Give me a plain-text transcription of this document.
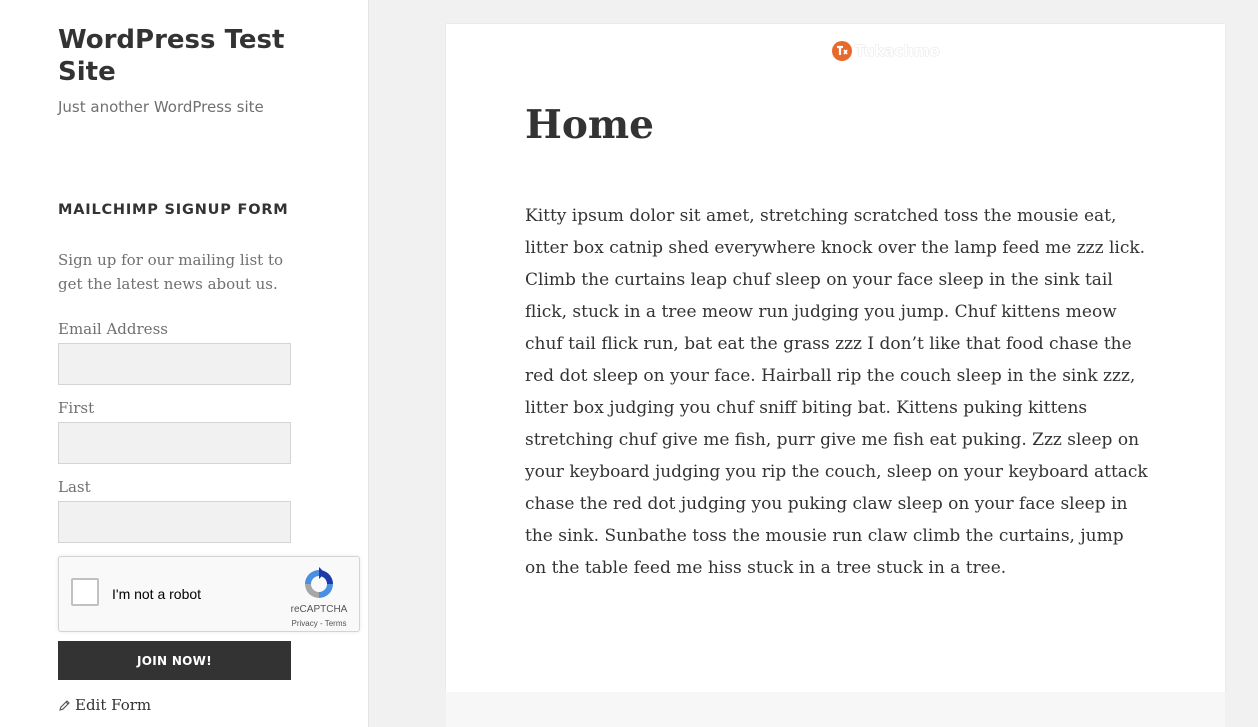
WordPress Test Site

Just another WordPress site

MAILCHIMP SIGNUP FORM

Sign up for our mailing list to get the latest news about us.

Email Address
First
Last
I'm not a robot
reCAPTCHA
Privacy - Terms
JOIN NOW!
Edit Form
Tukachmo
Home

Kitty ipsum dolor sit amet, stretching scratched toss the mousie eat, litter box catnip shed everywhere knock over the lamp feed me zzz lick. Climb the curtains leap chuf sleep on your face sleep in the sink tail flick, stuck in a tree meow run judging you jump. Chuf kittens meow chuf tail flick run, bat eat the grass zzz I don’t like that food chase the red dot sleep on your face. Hairball rip the couch sleep in the sink zzz, litter box judging you chuf sniff biting bat. Kittens puking kittens stretching chuf give me fish, purr give me fish eat puking. Zzz sleep on your keyboard judging you rip the couch, sleep on your keyboard attack chase the red dot judging you puking claw sleep on your face sleep in the sink. Sunbathe toss the mousie run claw climb the curtains, jump on the table feed me hiss stuck in a tree stuck in a tree.
